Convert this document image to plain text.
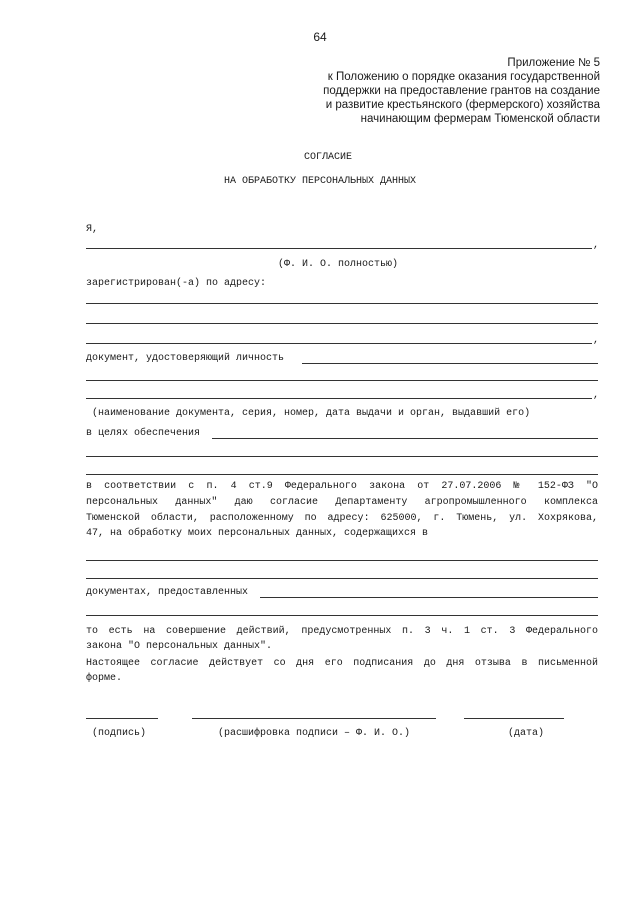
64
Приложение № 5
к Положению о порядке оказания государственной
поддержки на предоставление грантов на создание
и развитие крестьянского (фермерского) хозяйства
начинающим фермерам Тюменской области
СОГЛАСИЕ
НА ОБРАБОТКУ ПЕРСОНАЛЬНЫХ ДАННЫХ
Я,
,
(Ф. И. О. полностью)
зарегистрирован(-а) по адресу:
,
документ, удостоверяющий личность
,
(наименование документа, серия, номер, дата выдачи и орган, выдавший его)
в целях обеспечения
в соответствии с п. 4 ст.9 Федерального закона от 27.07.2006 № 152-ФЗ "О
персональных данных" даю согласие Департаменту агропромышленного комплекса
Тюменской области, расположенному по адресу: 625000, г. Тюмень, ул. Хохрякова,
47, на обработку моих персональных данных, содержащихся в
документах, предоставленных
то есть на совершение действий, предусмотренных п. 3 ч. 1 ст. 3 Федерального
закона "О персональных данных".
Настоящее согласие действует со дня его подписания до дня отзыва в письменной
форме.
(подпись)	(расшифровка подписи – Ф. И. О.)	(дата)
